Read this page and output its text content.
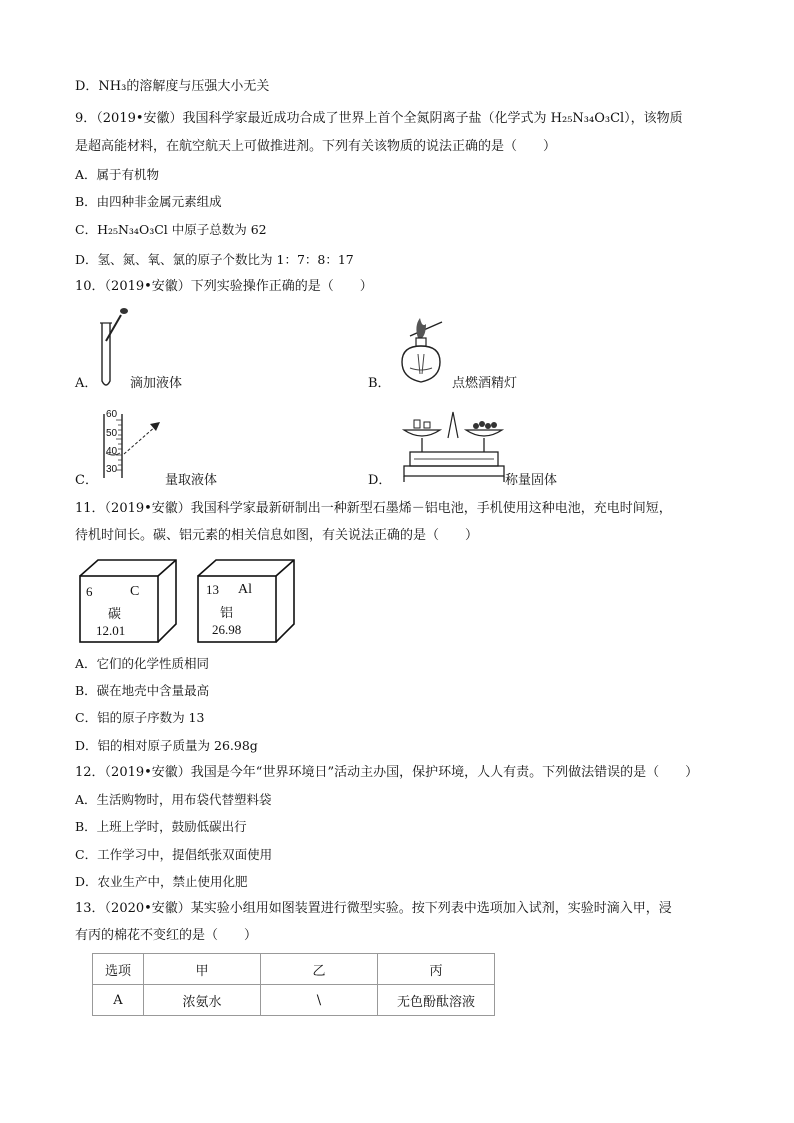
D．NH₃的溶解度与压强大小无关
9．（2019•安徽）我国科学家最近成功合成了世界上首个全氮阴离子盐（化学式为 H₂₅N₃₄O₃Cl），该物质
是超高能材料，在航空航天上可做推进剂。下列有关该物质的说法正确的是（　　）
A．属于有机物
B．由四种非金属元素组成
C．H₂₅N₃₄O₃Cl 中原子总数为 62
D．氢、氮、氧、氯的原子个数比为 1：7：8：17
10．（2019•安徽）下列实验操作正确的是（　　）
A．	滴加液体	B．	点燃酒精灯
C．
60
50
40
30
量取液体	D．	称量固体
11．（2019•安徽）我国科学家最新研制出一种新型石墨烯－铝电池，手机使用这种电池，充电时间短，
待机时间长。碳、铝元素的相关信息如图，有关说法正确的是（　　）
6	C
碳
12.01
13 Al
铝
26.98
A．它们的化学性质相同
B．碳在地壳中含量最高
C．铝的原子序数为 13
D．铝的相对原子质量为 26.98g
12．（2019•安徽）我国是今年“世界环境日”活动主办国，保护环境，人人有责。下列做法错误的是（　　）
A．生活购物时，用布袋代替塑料袋
B．上班上学时，鼓励低碳出行
C．工作学习中，提倡纸张双面使用
D．农业生产中，禁止使用化肥
13．（2020•安徽）某实验小组用如图装置进行微型实验。按下列表中选项加入试剂，实验时滴入甲，浸
有丙的棉花不变红的是（　　）
选项	甲	乙	丙
A	浓氨水	\	无色酚酞溶液
